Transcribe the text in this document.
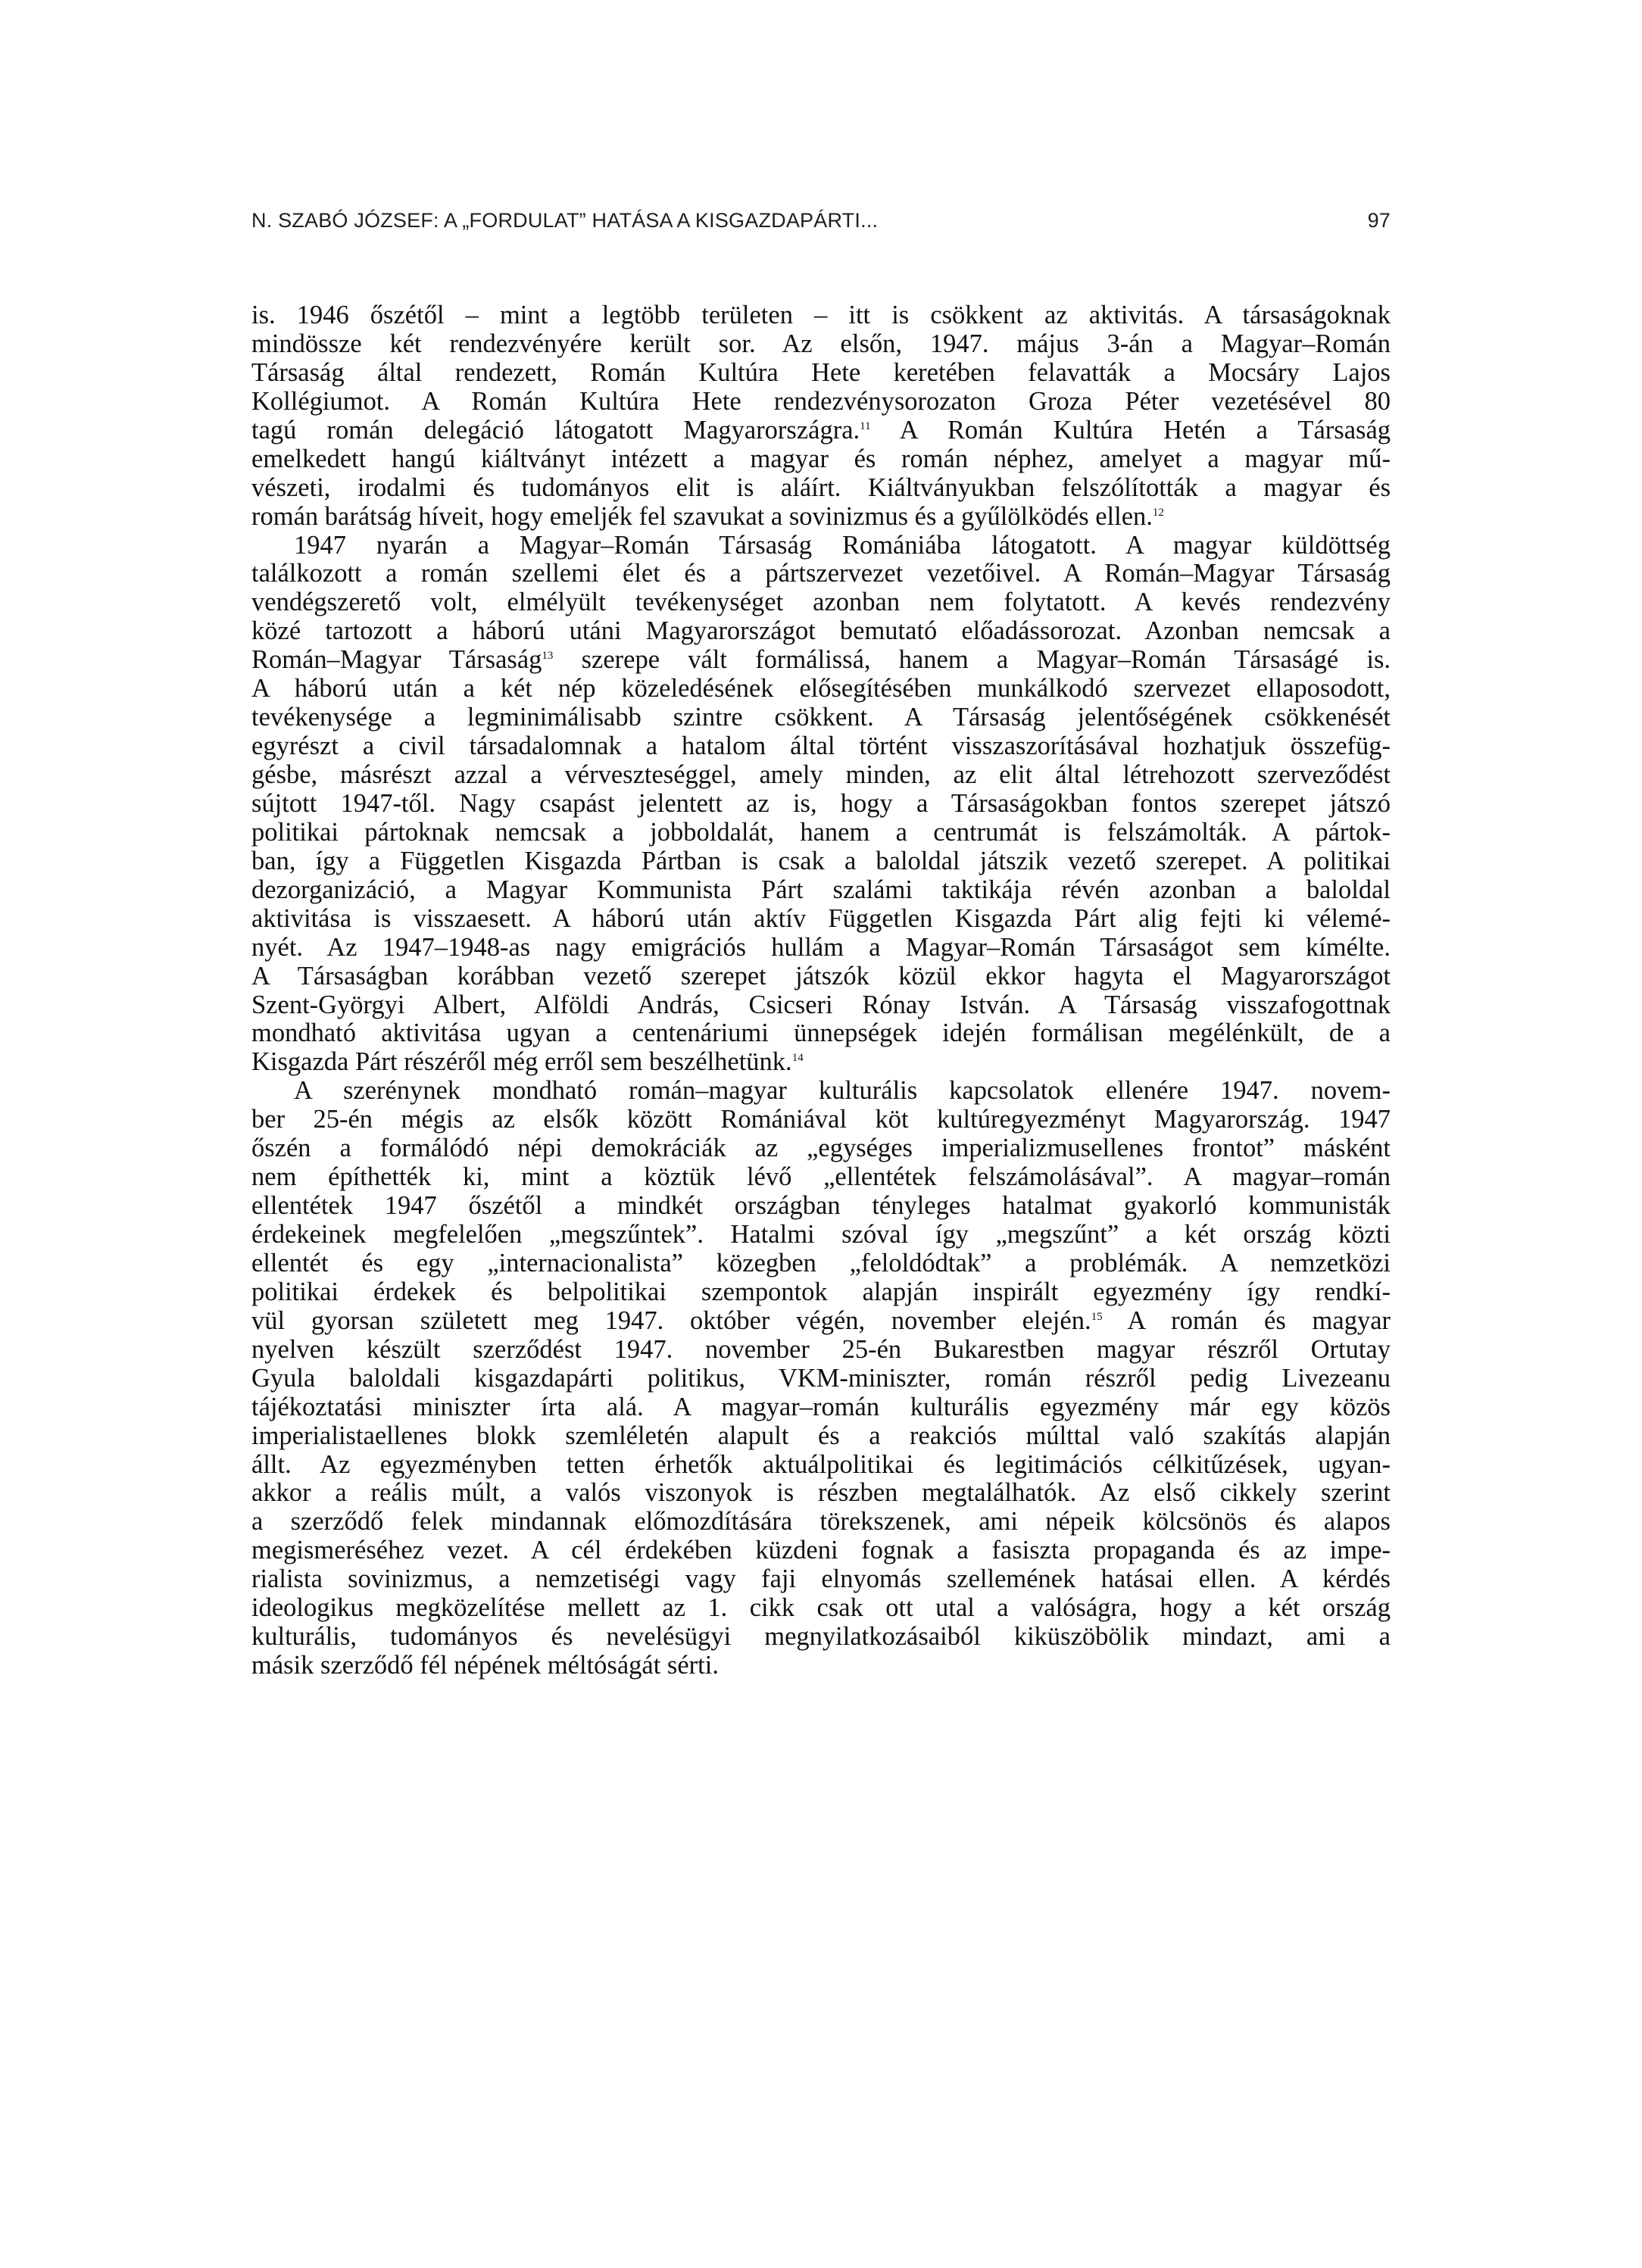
N. SZABÓ JÓZSEF: A „FORDULAT” HATÁSA A KISGAZDAPÁRTI...	97
is. 1946 őszétől – mint a legtöbb területen – itt is csökkent az aktivitás. A társaságoknak
mindössze két rendezvényére került sor. Az elsőn, 1947. május 3-án a Magyar–Román
Társaság által rendezett, Román Kultúra Hete keretében felavatták a Mocsáry Lajos
Kollégiumot. A Román Kultúra Hete rendezvénysorozaton Groza Péter vezetésével 80
tagú román delegáció látogatott Magyarországra.$^{11}$ A Román Kultúra Hetén a Társaság
emelkedett hangú kiáltványt intézett a magyar és román néphez, amelyet a magyar mű-
vészeti, irodalmi és tudományos elit is aláírt. Kiáltványukban felszólították a magyar és
román barátság híveit, hogy emeljék fel szavukat a sovinizmus és a gyűlölködés ellen.$^{12}$
1947 nyarán a Magyar–Román Társaság Romániába látogatott. A magyar küldöttség
találkozott a román szellemi élet és a pártszervezet vezetőivel. A Román–Magyar Társaság
vendégszerető volt, elmélyült tevékenységet azonban nem folytatott. A kevés rendezvény
közé tartozott a háború utáni Magyarországot bemutató előadássorozat. Azonban nemcsak a
Román–Magyar Társaság$^{13}$ szerepe vált formálissá, hanem a Magyar–Román Társaságé is.
A háború után a két nép közeledésének elősegítésében munkálkodó szervezet ellaposodott,
tevékenysége a legminimálisabb szintre csökkent. A Társaság jelentőségének csökkenését
egyrészt a civil társadalomnak a hatalom által történt visszaszorításával hozhatjuk összefüg-
gésbe, másrészt azzal a vérveszteséggel, amely minden, az elit által létrehozott szerveződést
sújtott 1947-től. Nagy csapást jelentett az is, hogy a Társaságokban fontos szerepet játszó
politikai pártoknak nemcsak a jobboldalát, hanem a centrumát is felszámolták. A pártok-
ban, így a Független Kisgazda Pártban is csak a baloldal játszik vezető szerepet. A politikai
dezorganizáció, a Magyar Kommunista Párt szalámi taktikája révén azonban a baloldal
aktivitása is visszaesett. A háború után aktív Független Kisgazda Párt alig fejti ki vélemé-
nyét. Az 1947–1948-as nagy emigrációs hullám a Magyar–Román Társaságot sem kímélte.
A Társaságban korábban vezető szerepet játszók közül ekkor hagyta el Magyarországot
Szent-Györgyi Albert, Alföldi András, Csicseri Rónay István. A Társaság visszafogottnak
mondható aktivitása ugyan a centenáriumi ünnepségek idején formálisan megélénkült, de a
Kisgazda Párt részéről még erről sem beszélhetünk.$^{14}$
A szerénynek mondható román–magyar kulturális kapcsolatok ellenére 1947. novem-
ber 25-én mégis az elsők között Romániával köt kultúregyezményt Magyarország. 1947
őszén a formálódó népi demokráciák az „egységes imperializmusellenes frontot” másként
nem építhették ki, mint a köztük lévő „ellentétek felszámolásával”. A magyar–román
ellentétek 1947 őszétől a mindkét országban tényleges hatalmat gyakorló kommunisták
érdekeinek megfelelően „megszűntek”. Hatalmi szóval így „megszűnt” a két ország közti
ellentét és egy „internacionalista” közegben „feloldódtak” a problémák. A nemzetközi
politikai érdekek és belpolitikai szempontok alapján inspirált egyezmény így rendkí-
vül gyorsan született meg 1947. október végén, november elején.$^{15}$ A román és magyar
nyelven készült szerződést 1947. november 25-én Bukarestben magyar részről Ortutay
Gyula baloldali kisgazdapárti politikus, VKM-miniszter, román részről pedig Livezeanu
tájékoztatási miniszter írta alá. A magyar–román kulturális egyezmény már egy közös
imperialistaellenes blokk szemléletén alapult és a reakciós múlttal való szakítás alapján
állt. Az egyezményben tetten érhetők aktuálpolitikai és legitimációs célkitűzések, ugyan-
akkor a reális múlt, a valós viszonyok is részben megtalálhatók. Az első cikkely szerint
a szerződő felek mindannak előmozdítására törekszenek, ami népeik kölcsönös és alapos
megismeréséhez vezet. A cél érdekében küzdeni fognak a fasiszta propaganda és az impe-
rialista sovinizmus, a nemzetiségi vagy faji elnyomás szellemének hatásai ellen. A kérdés
ideologikus megközelítése mellett az 1. cikk csak ott utal a valóságra, hogy a két ország
kulturális, tudományos és nevelésügyi megnyilatkozásaiból kiküszöbölik mindazt, ami a
másik szerződő fél népének méltóságát sérti.
